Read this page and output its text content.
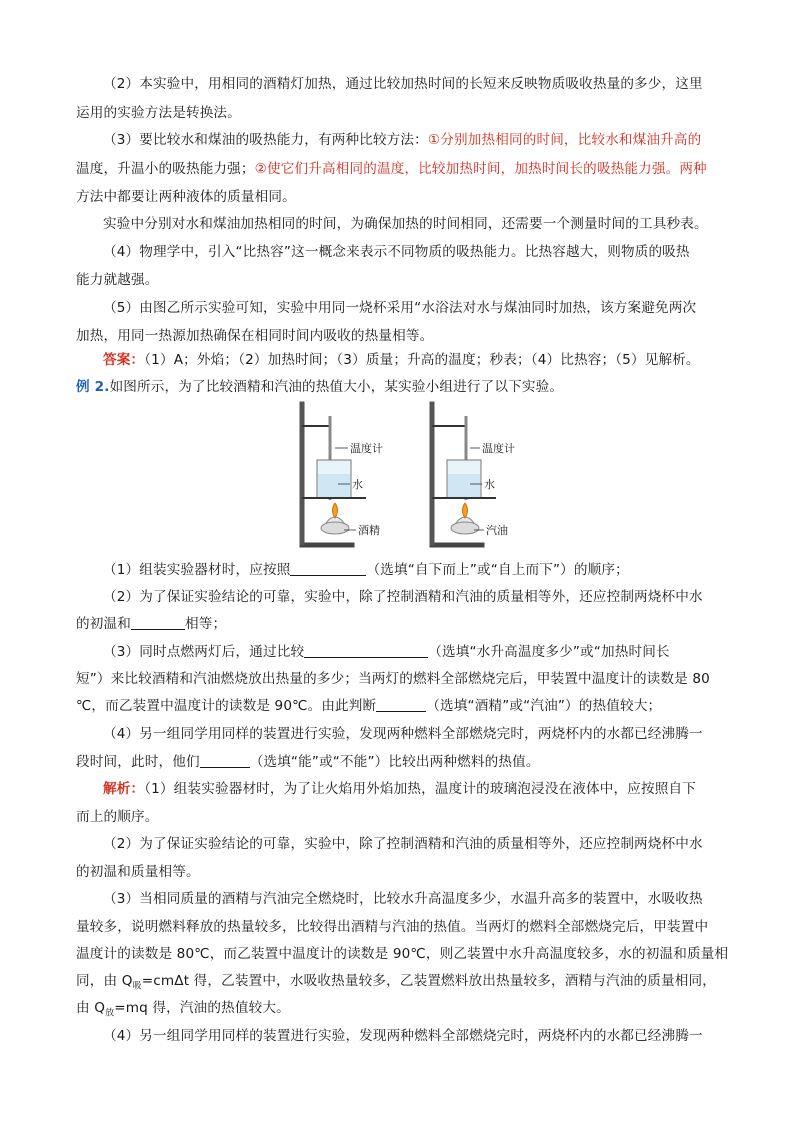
（2）本实验中，用相同的酒精灯加热，通过比较加热时间的长短来反映物质吸收热量的多少，这里
运用的实验方法是转换法。
（3）要比较水和煤油的吸热能力，有两种比较方法：①分别加热相同的时间，比较水和煤油升高的
温度，升温小的吸热能力强；②使它们升高相同的温度，比较加热时间，加热时间长的吸热能力强。两种
方法中都要让两种液体的质量相同。
实验中分别对水和煤油加热相同的时间，为确保加热的时间相同，还需要一个测量时间的工具秒表。
（4）物理学中，引入“比热容”这一概念来表示不同物质的吸热能力。比热容越大，则物质的吸热
能力就越强。
（5）由图乙所示实验可知，实验中用同一烧杯采用“水浴法对水与煤油同时加热，该方案避免两次
加热，用同一热源加热确保在相同时间内吸收的热量相等。
答案：（1）A；外焰；（2）加热时间；（3）质量；升高的温度；秒表；（4）比热容；（5）见解析。
例 2.如图所示，为了比较酒精和汽油的热值大小，某实验小组进行了以下实验。
温度计
水
酒精
温度计
水
汽油
（1）组装实验器材时，应按照	（选填“自下而上”或“自上而下”）的顺序；
（2）为了保证实验结论的可靠，实验中，除了控制酒精和汽油的质量相等外，还应控制两烧杯中水
的初温和	相等；
（3）同时点燃两灯后，通过比较	（选填“水升高温度多少”或“加热时间长
短”）来比较酒精和汽油燃烧放出热量的多少；当两灯的燃料全部燃烧完后，甲装置中温度计的读数是 80
℃，而乙装置中温度计的读数是 90℃。由此判断	（选填“酒精”或“汽油”）的热值较大；
（4）另一组同学用同样的装置进行实验，发现两种燃料全部燃烧完时，两烧杯内的水都已经沸腾一
段时间，此时，他们	（选填“能”或“不能”）比较出两种燃料的热值。
解析：（1）组装实验器材时，为了让火焰用外焰加热，温度计的玻璃泡浸没在液体中，应按照自下
而上的顺序。
（2）为了保证实验结论的可靠，实验中，除了控制酒精和汽油的质量相等外，还应控制两烧杯中水
的初温和质量相等。
（3）当相同质量的酒精与汽油完全燃烧时，比较水升高温度多少，水温升高多的装置中，水吸收热
量较多，说明燃料释放的热量较多，比较得出酒精与汽油的热值。当两灯的燃料全部燃烧完后，甲装置中
温度计的读数是 80℃，而乙装置中温度计的读数是 90℃，则乙装置中水升高温度较多，水的初温和质量相
同，由 $Q_吸=cm\Delta t$ 得，乙装置中，水吸收热量较多，乙装置燃料放出热量较多，酒精与汽油的质量相同，
由 $Q_放=mq$ 得，汽油的热值较大。
（4）另一组同学用同样的装置进行实验，发现两种燃料全部燃烧完时，两烧杯内的水都已经沸腾一
